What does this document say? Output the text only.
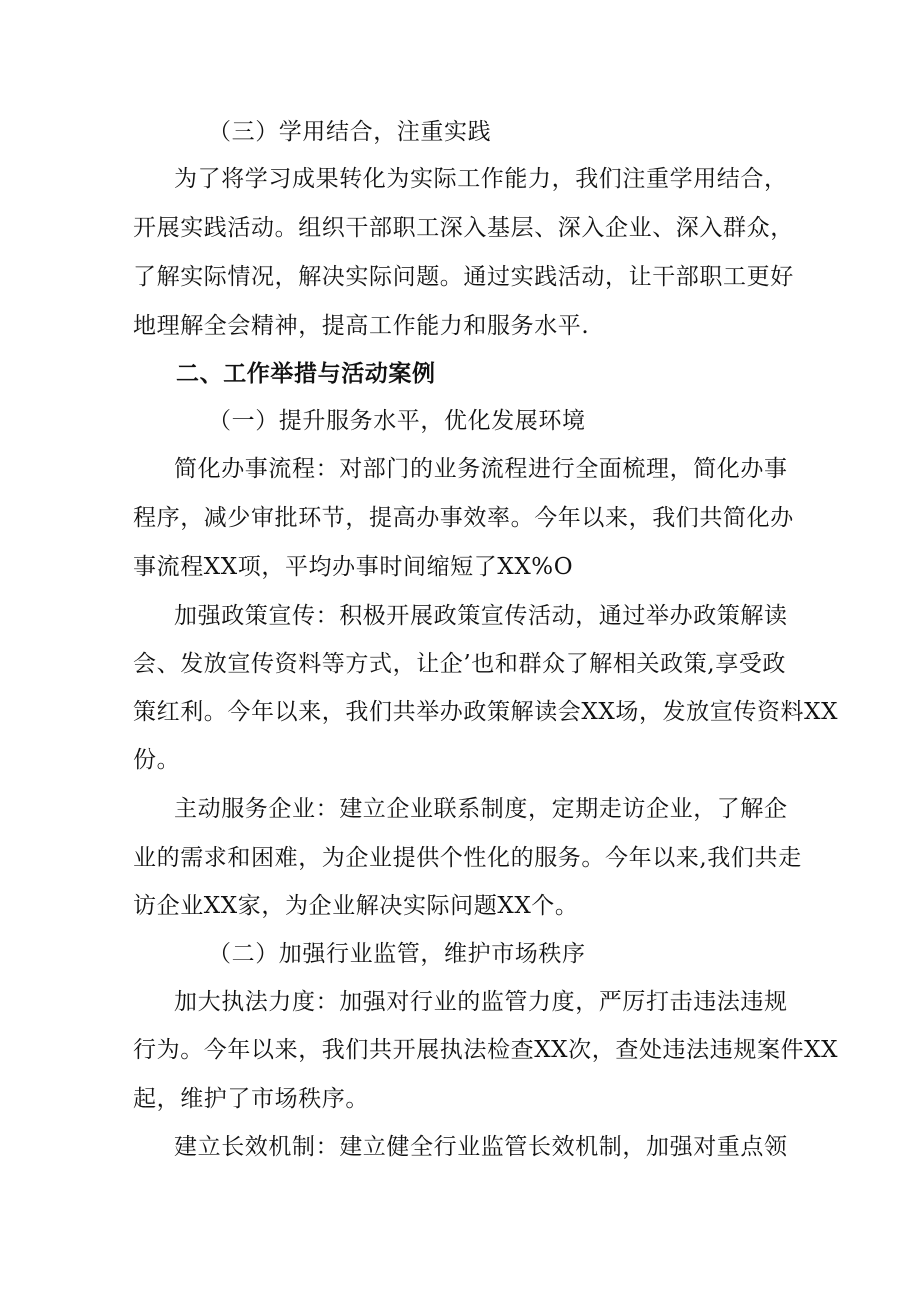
（三）学用结合，注重实践
为了将学习成果转化为实际工作能力，我们注重学用结合，
开展实践活动。组织干部职工深入基层、深入企业、深入群众，
了解实际情况，解决实际问题。通过实践活动，让干部职工更好
地理解全会精神，提高工作能力和服务水平.
二、工作举措与活动案例
（一）提升服务水平，优化发展环境
简化办事流程：对部门的业务流程进行全面梳理，简化办事
程序，减少审批环节，提高办事效率。今年以来，我们共简化办
事流程XX项，平均办事时间缩短了XX%O
加强政策宣传：积极开展政策宣传活动，通过举办政策解读
会、发放宣传资料等方式，让企’也和群众了解相关政策,享受政
策红利。今年以来，我们共举办政策解读会XX场，发放宣传资料XX
份。
主动服务企业：建立企业联系制度，定期走访企业，了解企
业的需求和困难，为企业提供个性化的服务。今年以来,我们共走
访企业XX家，为企业解决实际问题XX个。
（二）加强行业监管，维护市场秩序
加大执法力度：加强对行业的监管力度，严厉打击违法违规
行为。今年以来，我们共开展执法检查XX次，查处违法违规案件XX
起，维护了市场秩序。
建立长效机制：建立健全行业监管长效机制，加强对重点领
